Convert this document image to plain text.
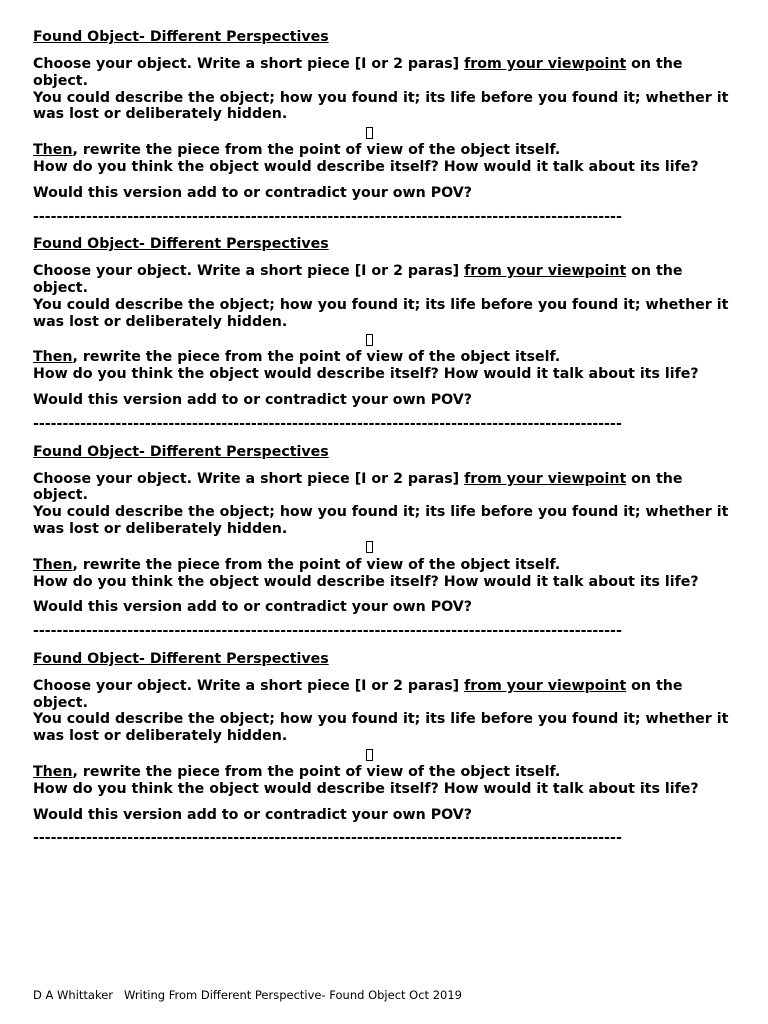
Found Object- Different Perspectives

Choose your object. Write a short piece [I or 2 paras] from your viewpoint on the object.

You could describe the object; how you found it; its life before you found it; whether it was lost or deliberately hidden.

Then, rewrite the piece from the point of view of the object itself.

How do you think the object would describe itself? How would it talk about its life?

Would this version add to or contradict your own POV?

----------------------------------------------------------------------------------------------------

Found Object- Different Perspectives

Choose your object. Write a short piece [I or 2 paras] from your viewpoint on the object.

You could describe the object; how you found it; its life before you found it; whether it was lost or deliberately hidden.

Then, rewrite the piece from the point of view of the object itself.

How do you think the object would describe itself? How would it talk about its life?

Would this version add to or contradict your own POV?

----------------------------------------------------------------------------------------------------

Found Object- Different Perspectives

Choose your object. Write a short piece [I or 2 paras] from your viewpoint on the object.

You could describe the object; how you found it; its life before you found it; whether it was lost or deliberately hidden.

Then, rewrite the piece from the point of view of the object itself.

How do you think the object would describe itself? How would it talk about its life?

Would this version add to or contradict your own POV?

----------------------------------------------------------------------------------------------------

Found Object- Different Perspectives

Choose your object. Write a short piece [I or 2 paras] from your viewpoint on the object.

You could describe the object; how you found it; its life before you found it; whether it was lost or deliberately hidden.

Then, rewrite the piece from the point of view of the object itself.

How do you think the object would describe itself? How would it talk about its life?

Would this version add to or contradict your own POV?

----------------------------------------------------------------------------------------------------
D A Whittaker   Writing From Different Perspective- Found Object Oct 2019
